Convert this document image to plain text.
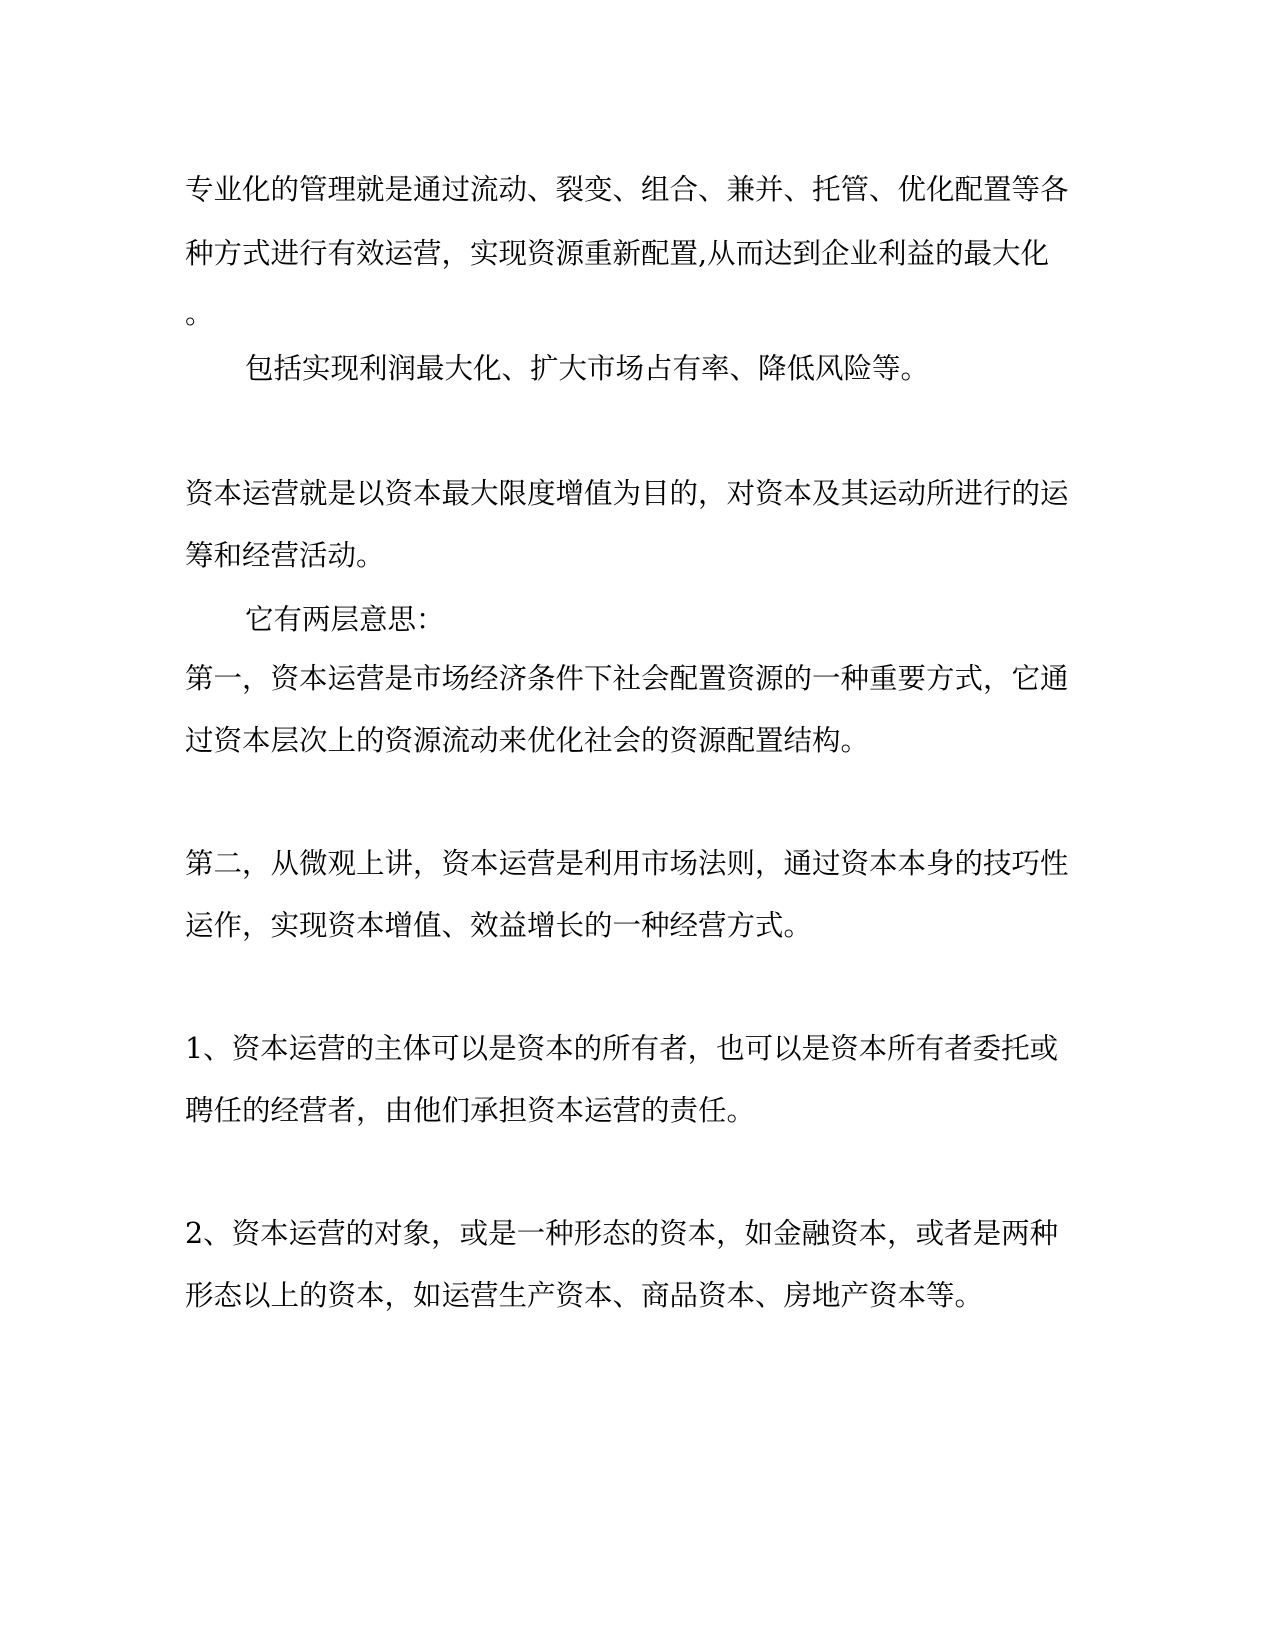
专业化的管理就是通过流动、裂变、组合、兼并、托管、优化配置等各
种方式进行有效运营，实现资源重新配置,从而达到企业利益的最大化
。
包括实现利润最大化、扩大市场占有率、降低风险等。
资本运营就是以资本最大限度增值为目的，对资本及其运动所进行的运
筹和经营活动。
它有两层意思：
第一，资本运营是市场经济条件下社会配置资源的一种重要方式，它通
过资本层次上的资源流动来优化社会的资源配置结构。
第二，从微观上讲，资本运营是利用市场法则，通过资本本身的技巧性
运作，实现资本增值、效益增长的一种经营方式。
1、资本运营的主体可以是资本的所有者，也可以是资本所有者委托或
聘任的经营者，由他们承担资本运营的责任。
2、资本运营的对象，或是一种形态的资本，如金融资本，或者是两种
形态以上的资本，如运营生产资本、商品资本、房地产资本等。
